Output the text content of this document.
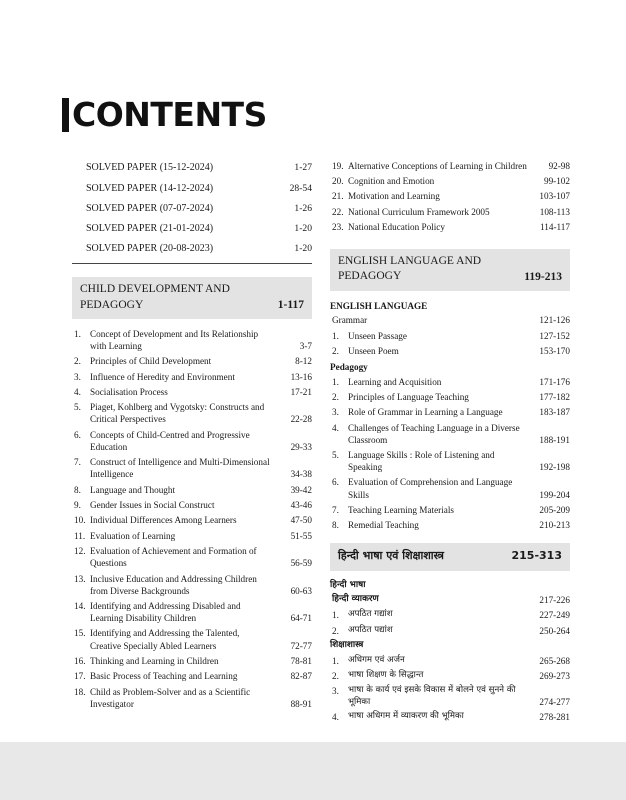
CONTENTS
SOLVED PAPER (15-12-2024)	1-27
SOLVED PAPER (14-12-2024)	28-54
SOLVED PAPER (07-07-2024)	1-26
SOLVED PAPER (21-01-2024)	1-20
SOLVED PAPER (20-08-2023)	1-20
CHILD DEVELOPMENT AND PEDAGOGY	1-117
1. Concept of Development and Its Relationship with Learning	3-7
2. Principles of Child Development	8-12
3. Influence of Heredity and Environment	13-16
4. Socialisation Process	17-21
5. Piaget, Kohlberg and Vygotsky: Constructs and Critical Perspectives	22-28
6. Concepts of Child-Centred and Progressive Education	29-33
7. Construct of Intelligence and Multi-Dimensional Intelligence	34-38
8. Language and Thought	39-42
9. Gender Issues in Social Construct	43-46
10. Individual Differences Among Learners	47-50
11. Evaluation of Learning	51-55
12. Evaluation of Achievement and Formation of Questions	56-59
13. Inclusive Education and Addressing Children from Diverse Backgrounds	60-63
14. Identifying and Addressing Disabled and Learning Disability Children	64-71
15. Identifying and Addressing the Talented, Creative Specially Abled Learners	72-77
16. Thinking and Learning in Children	78-81
17. Basic Process of Teaching and Learning	82-87
18. Child as Problem-Solver and as a Scientific Investigator	88-91
19. Alternative Conceptions of Learning in Children	92-98
20. Cognition and Emotion	99-102
21. Motivation and Learning	103-107
22. National Curriculum Framework 2005	108-113
23. National Education Policy	114-117
ENGLISH LANGUAGE AND PEDAGOGY	119-213
ENGLISH LANGUAGE
Grammar	121-126
1. Unseen Passage	127-152
2. Unseen Poem	153-170
Pedagogy
1. Learning and Acquisition	171-176
2. Principles of Language Teaching	177-182
3. Role of Grammar in Learning a Language	183-187
4. Challenges of Teaching Language in a Diverse Classroom	188-191
5. Language Skills : Role of Listening and Speaking	192-198
6. Evaluation of Comprehension and Language Skills	199-204
7. Teaching Learning Materials	205-209
8. Remedial Teaching	210-213
हिन्दी भाषा एवं शिक्षाशास्त्र	215-313
हिन्दी भाषा
हिन्दी व्याकरण	217-226
1.	अपठित गद्यांश	227-249
2.	अपठित पद्यांश	250-264
शिक्षाशास्त्र
1.	अधिगम एवं अर्जन	265-268
2.	भाषा शिक्षण के सिद्धान्त	269-273
3.	भाषा के कार्य एवं इसके विकास में बोलने एवं सुनने की भूमिका	274-277
4.	भाषा अधिगम में व्याकरण की भूमिका	278-281
